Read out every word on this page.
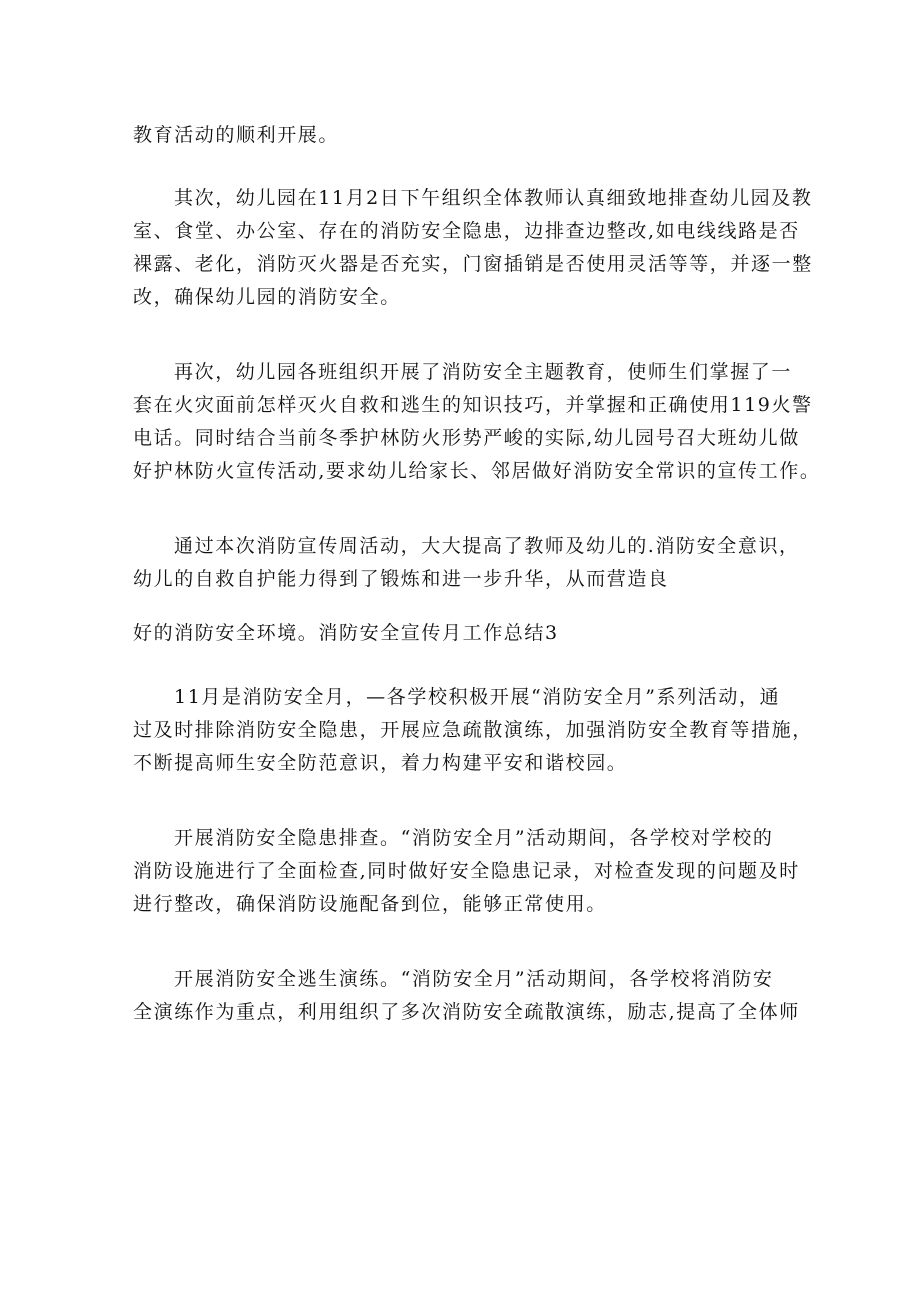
教育活动的顺利开展。
其次，幼儿园在11月2日下午组织全体教师认真细致地排查幼儿园及教
室、食堂、办公室、存在的消防安全隐患，边排查边整改,如电线线路是否
裸露、老化，消防灭火器是否充实，门窗插销是否使用灵活等等，并逐一整
改，确保幼儿园的消防安全。
再次，幼儿园各班组织开展了消防安全主题教育，使师生们掌握了一
套在火灾面前怎样灭火自救和逃生的知识技巧，并掌握和正确使用119火警
电话。同时结合当前冬季护林防火形势严峻的实际,幼儿园号召大班幼儿做
好护林防火宣传活动,要求幼儿给家长、邻居做好消防安全常识的宣传工作。
通过本次消防宣传周活动，大大提高了教师及幼儿的.消防安全意识，
幼儿的自救自护能力得到了锻炼和进一步升华，从而营造良
好的消防安全环境。消防安全宣传月工作总结3
11月是消防安全月，—各学校积极开展“消防安全月”系列活动，通
过及时排除消防安全隐患，开展应急疏散演练，加强消防安全教育等措施，
不断提高师生安全防范意识，着力构建平安和谐校园。
开展消防安全隐患排查。“消防安全月”活动期间，各学校对学校的
消防设施进行了全面检查,同时做好安全隐患记录，对检查发现的问题及时
进行整改，确保消防设施配备到位，能够正常使用。
开展消防安全逃生演练。“消防安全月”活动期间，各学校将消防安
全演练作为重点，利用组织了多次消防安全疏散演练，励志,提高了全体师
